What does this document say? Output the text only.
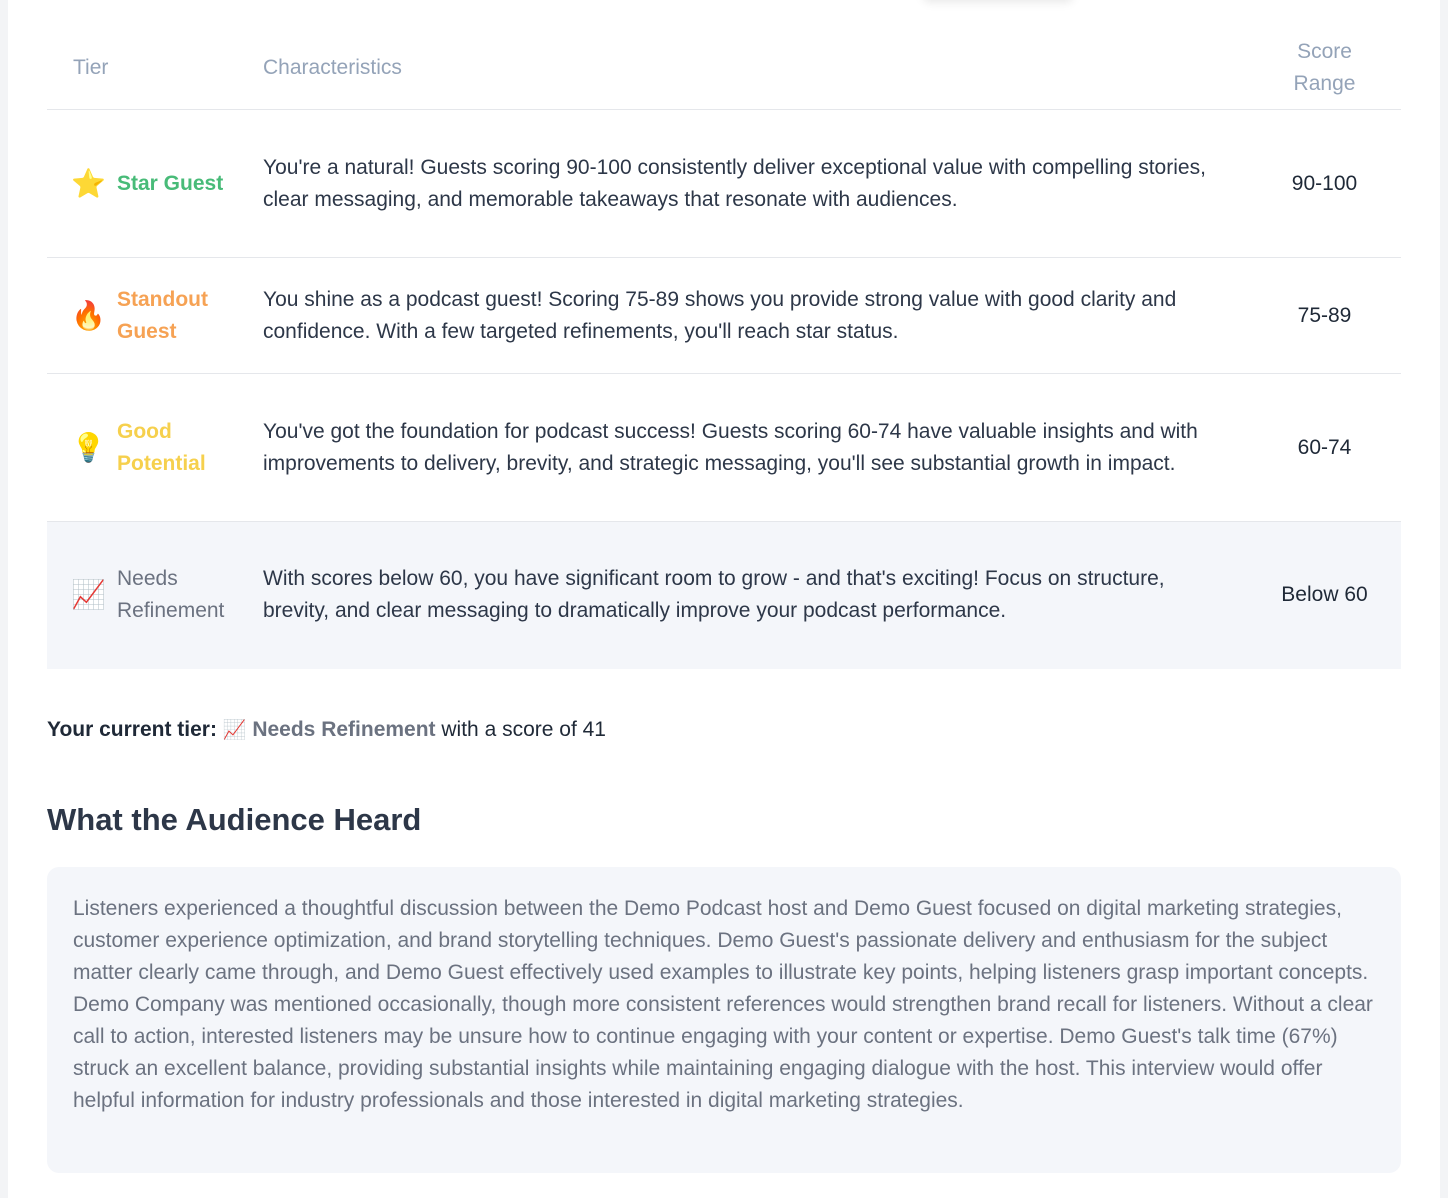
Tier	Characteristics	Score
Range

⭐ Star Guest	You're a natural! Guests scoring 90-100 consistently deliver exceptional value with compelling stories, clear messaging, and memorable takeaways that resonate with audiences.	90-100

🔥
Standout
Guest	You shine as a podcast guest! Scoring 75-89 shows you provide strong value with good clarity and confidence. With a few targeted refinements, you'll reach star status.	75-89

💡
Good
Potential	You've got the foundation for podcast success! Guests scoring 60-74 have valuable insights and with improvements to delivery, brevity, and strategic messaging, you'll see substantial growth in impact.	60-74

📈
Needs
Refinement	With scores below 60, you have significant room to grow - and that's exciting! Focus on structure, brevity, and clear messaging to dramatically improve your podcast performance.	Below 60
Your current tier: 📈 Needs Refinement with a score of 41
What the Audience Heard
Listeners experienced a thoughtful discussion between the Demo Podcast host and Demo Guest focused on digital marketing strategies, customer experience optimization, and brand storytelling techniques. Demo Guest's passionate delivery and enthusiasm for the subject matter clearly came through, and Demo Guest effectively used examples to illustrate key points, helping listeners grasp important concepts. Demo Company was mentioned occasionally, though more consistent references would strengthen brand recall for listeners. Without a clear call to action, interested listeners may be unsure how to continue engaging with your content or expertise. Demo Guest's talk time (67%) struck an excellent balance, providing substantial insights while maintaining engaging dialogue with the host. This interview would offer helpful information for industry professionals and those interested in digital marketing strategies.
